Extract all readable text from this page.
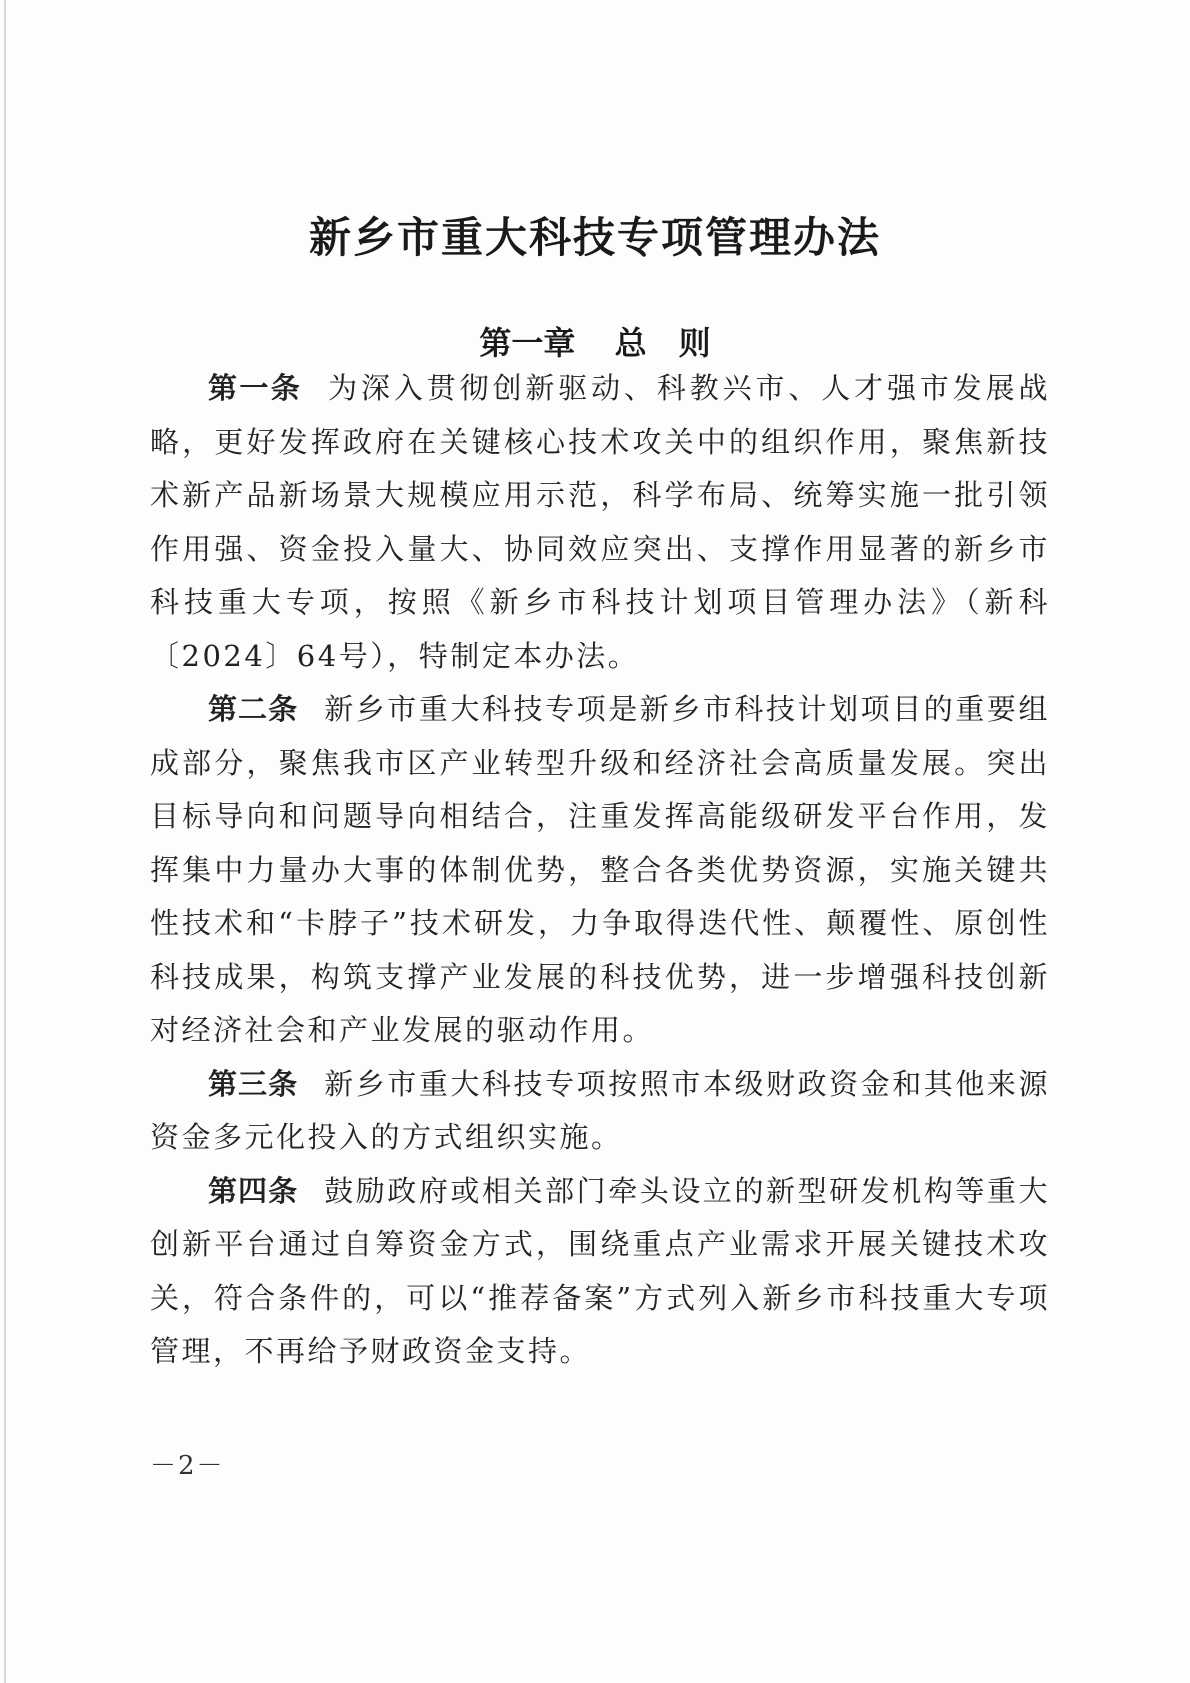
新乡市重大科技专项管理办法
第一章 总　则

第一条 为深入贯彻创新驱动、科教兴市、人才强市发展战略，更好发挥政府在关键核心技术攻关中的组织作用，聚焦新技术新产品新场景大规模应用示范，科学布局、统筹实施一批引领作用强、资金投入量大、协同效应突出、支撑作用显著的新乡市科技重大专项，按照《新乡市科技计划项目管理办法》（新科〔2024〕64号），特制定本办法。

第二条 新乡市重大科技专项是新乡市科技计划项目的重要组成部分，聚焦我市区产业转型升级和经济社会高质量发展。突出目标导向和问题导向相结合，注重发挥高能级研发平台作用，发挥集中力量办大事的体制优势，整合各类优势资源，实施关键共性技术和“卡脖子”技术研发，力争取得迭代性、颠覆性、原创性科技成果，构筑支撑产业发展的科技优势，进一步增强科技创新对经济社会和产业发展的驱动作用。

第三条 新乡市重大科技专项按照市本级财政资金和其他来源资金多元化投入的方式组织实施。

第四条 鼓励政府或相关部门牵头设立的新型研发机构等重大创新平台通过自筹资金方式，围绕重点产业需求开展关键技术攻关，符合条件的，可以“推荐备案”方式列入新乡市科技重大专项管理，不再给予财政资金支持。

－2－
